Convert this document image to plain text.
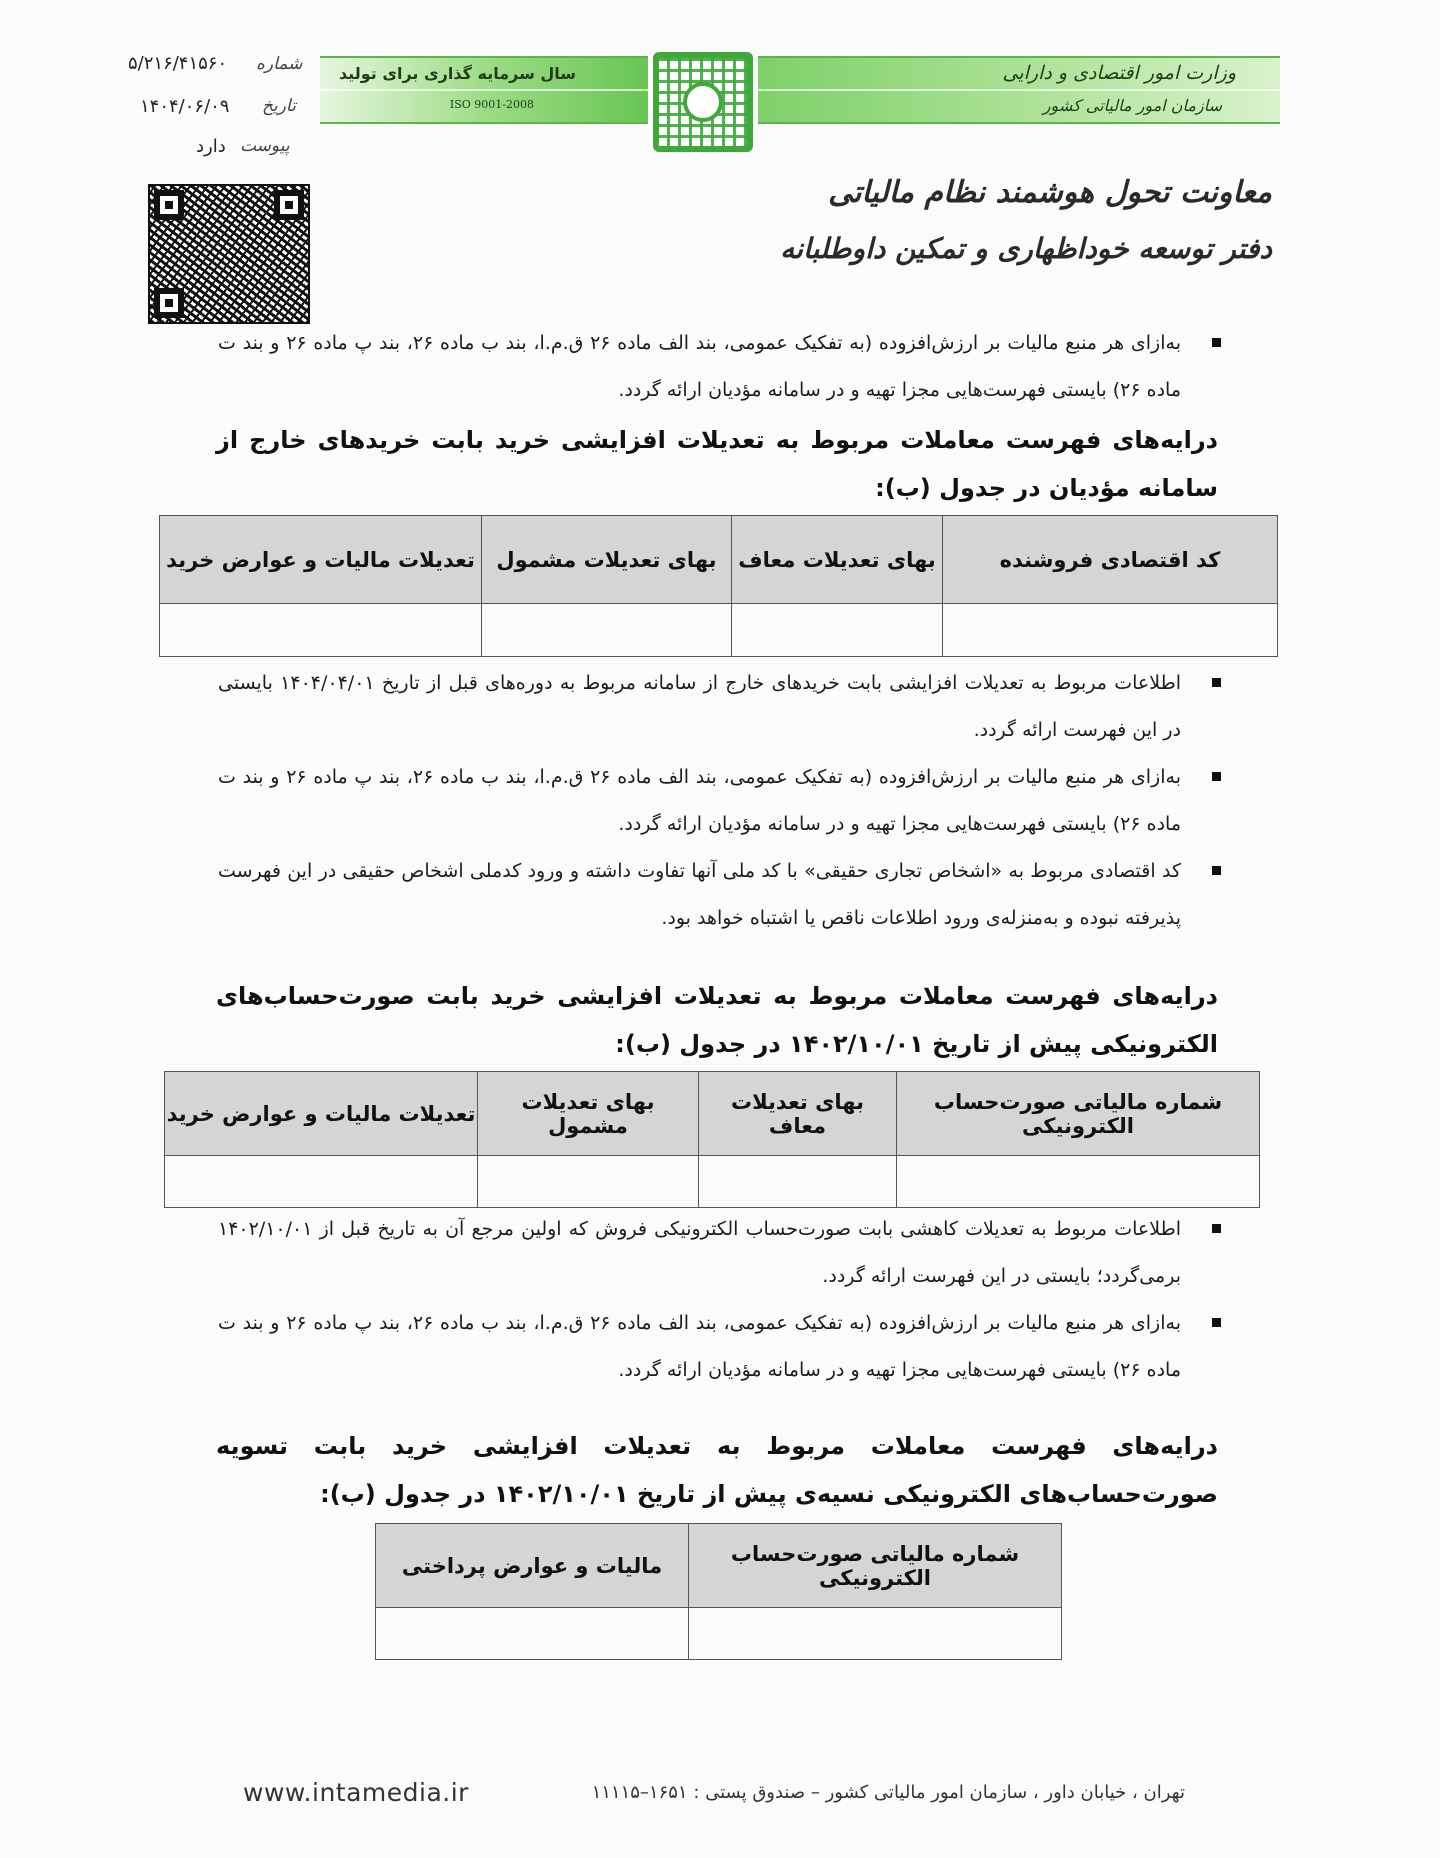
سال سرمایه گذاری برای تولید
ISO 9001-2008
وزارت امور اقتصادی و دارایی
سازمان امور مالیاتی کشور
شماره
۵/۲۱۶/۴۱۵۶۰
تاریخ
۱۴۰۴/۰۶/۰۹
پیوست
دارد
معاونت تحول هوشمند نظام مالیاتی
دفتر توسعه خوداظهاری و تمکین داوطلبانه
به‌ازای هر منبع مالیات بر ارزش‌افزوده (به تفکیک عمومی، بند الف ماده ۲۶ ق.م.ا، بند ب ماده ۲۶، بند پ ماده ۲۶ و بند ت ماده ۲۶) بایستی فهرست‌هایی مجزا تهیه و در سامانه مؤدیان ارائه گردد.
درایه‌های فهرست معاملات مربوط به تعدیلات افزایشی خرید بابت خریدهای خارج از سامانه مؤدیان در جدول (ب):
کد اقتصادی فروشنده	بهای تعدیلات معاف	بهای تعدیلات مشمول	تعدیلات مالیات و عوارض خرید

اطلاعات مربوط به تعدیلات افزایشی بابت خریدهای خارج از سامانه مربوط به دوره‌های قبل از تاریخ ۱۴۰۴/۰۴/۰۱ بایستی در این فهرست ارائه گردد.
به‌ازای هر منبع مالیات بر ارزش‌افزوده (به تفکیک عمومی، بند الف ماده ۲۶ ق.م.ا، بند ب ماده ۲۶، بند پ ماده ۲۶ و بند ت ماده ۲۶) بایستی فهرست‌هایی مجزا تهیه و در سامانه مؤدیان ارائه گردد.
کد اقتصادی مربوط به «اشخاص تجاری حقیقی» با کد ملی آنها تفاوت داشته و ورود کدملی اشخاص حقیقی در این فهرست پذیرفته نبوده و به‌منزله‌ی ورود اطلاعات ناقص یا اشتباه خواهد بود.
درایه‌های فهرست معاملات مربوط به تعدیلات افزایشی خرید بابت صورت‌حساب‌های الکترونیکی پیش از تاریخ ۱۴۰۲/۱۰/۰۱ در جدول (ب):
شماره مالیاتی صورت‌حساب الکترونیکی	بهای تعدیلات معاف	بهای تعدیلات مشمول	تعدیلات مالیات و عوارض خرید

اطلاعات مربوط به تعدیلات کاهشی بابت صورت‌حساب الکترونیکی فروش که اولین مرجع آن به تاریخ قبل از ۱۴۰۲/۱۰/۰۱ برمی‌گردد؛ بایستی در این فهرست ارائه گردد.
به‌ازای هر منبع مالیات بر ارزش‌افزوده (به تفکیک عمومی، بند الف ماده ۲۶ ق.م.ا، بند ب ماده ۲۶، بند پ ماده ۲۶ و بند ت ماده ۲۶) بایستی فهرست‌هایی مجزا تهیه و در سامانه مؤدیان ارائه گردد.
درایه‌های فهرست معاملات مربوط به تعدیلات افزایشی خرید بابت تسویه صورت‌حساب‌های الکترونیکی نسیه‌ی پیش از تاریخ ۱۴۰۲/۱۰/۰۱ در جدول (ب):
شماره مالیاتی صورت‌حساب الکترونیکی	مالیات و عوارض پرداختی

www.intamedia.ir	تهران ، خیابان داور ، سازمان امور مالیاتی کشور – صندوق پستی : ۱۶۵۱–۱۱۱۱۵
